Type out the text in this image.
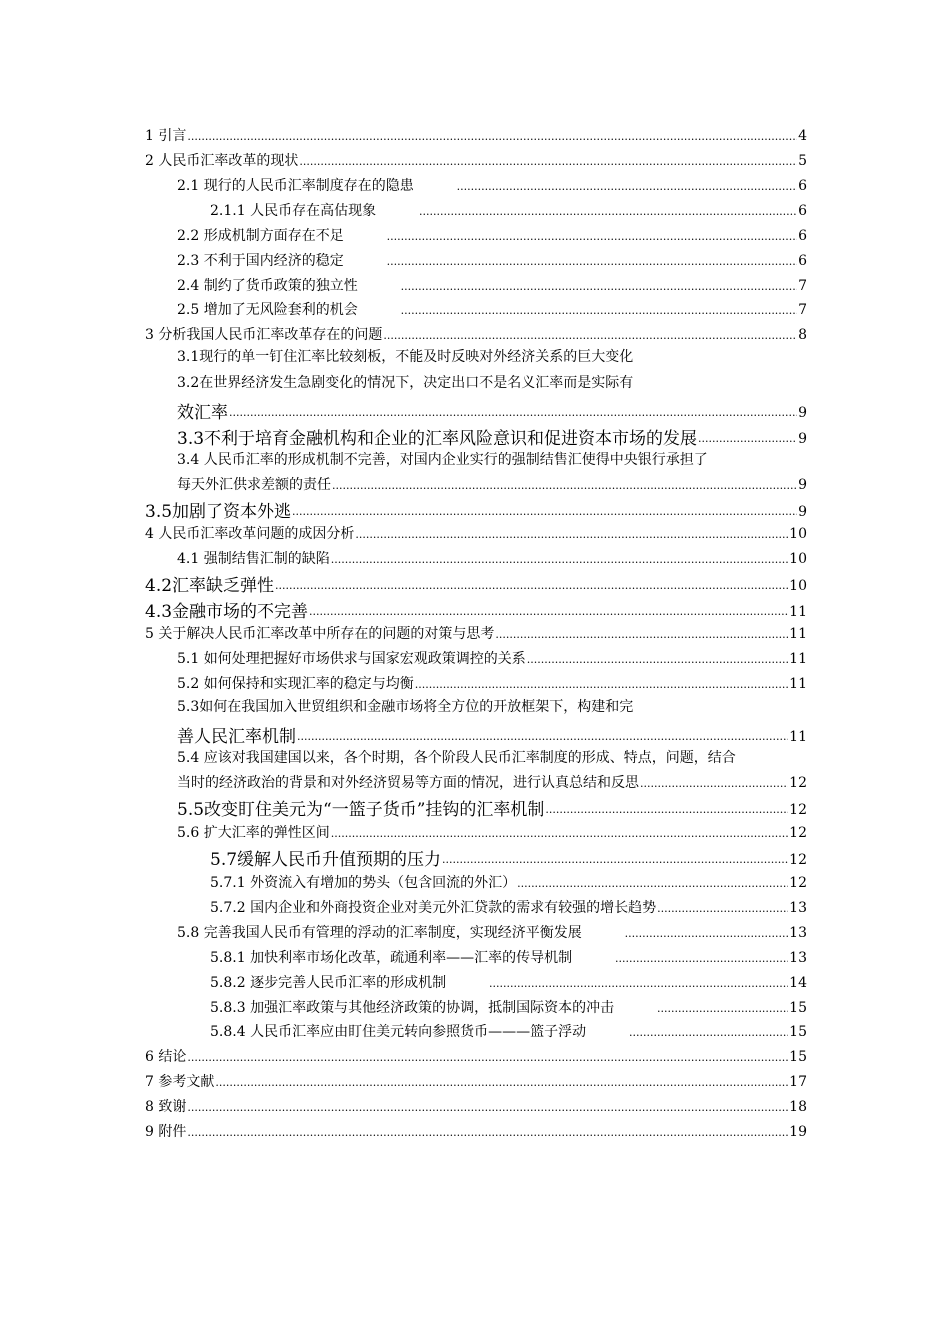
1 引言 .....	4
2 人民币汇率改革的现状 .....	5
2.1 现行的人民币汇率制度存在的隐患 .....	6
2.1.1 人民币存在高估现象 .....	6
2.2 形成机制方面存在不足 .....	6
2.3 不利于国内经济的稳定 .....	6
2.4 制约了货币政策的独立性 .....	7
2.5 增加了无风险套利的机会 .....	7
3 分析我国人民币汇率改革存在的问题 .....	8
3.1现行的单一钉住汇率比较刻板，不能及时反映对外经济关系的巨大变化
3.2在世界经济发生急剧变化的情况下，决定出口不是名义汇率而是实际有
效汇率 .....	9
3.3不利于培育金融机构和企业的汇率风险意识和促进资本市场的发展 .....	9
3.4 人民币汇率的形成机制不完善，对国内企业实行的强制结售汇使得中央银行承担了
每天外汇供求差额的责任 .....	9
3.5加剧了资本外逃 .....	9
4 人民币汇率改革问题的成因分析 .....	10
4.1 强制结售汇制的缺陷 .....	10
4.2汇率缺乏弹性 .....	10
4.3金融市场的不完善 .....	11
5 关于解决人民币汇率改革中所存在的问题的对策与思考 .....	11
5.1 如何处理把握好市场供求与国家宏观政策调控的关系 .....	11
5.2 如何保持和实现汇率的稳定与均衡 .....	11
5.3如何在我国加入世贸组织和金融市场将全方位的开放框架下，构建和完
善人民汇率机制 .....	11
5.4 应该对我国建国以来，各个时期，各个阶段人民币汇率制度的形成、特点，问题，结合
当时的经济政治的背景和对外经济贸易等方面的情况，进行认真总结和反思 .....	12
5.5改变盯住美元为“一篮子货币”挂钩的汇率机制 .....	12
5.6 扩大汇率的弹性区间 .....	12
5.7缓解人民币升值预期的压力 .....	12
5.7.1 外资流入有增加的势头（包含回流的外汇） .....	12
5.7.2 国内企业和外商投资企业对美元外汇贷款的需求有较强的增长趋势 .....	13
5.8 完善我国人民币有管理的浮动的汇率制度，实现经济平衡发展 .....	13
5.8.1 加快利率市场化改革，疏通利率——汇率的传导机制 .....	13
5.8.2 逐步完善人民币汇率的形成机制 .....	14
5.8.3 加强汇率政策与其他经济政策的协调，抵制国际资本的冲击 .....	15
5.8.4 人民币汇率应由盯住美元转向参照货币———篮子浮动 .....	15
6 结论 .....	15
7 参考文献 .....	17
8 致谢 .....	18
9 附件 .....	19
